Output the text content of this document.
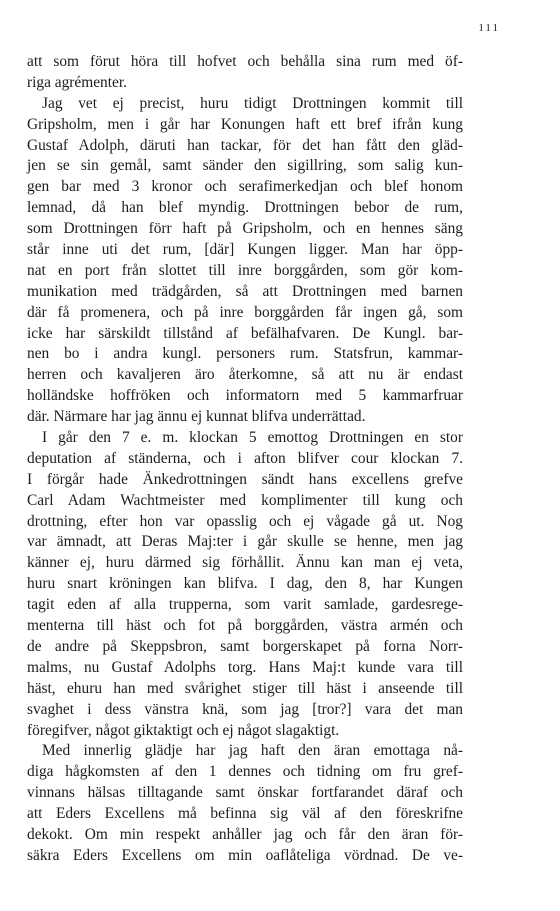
111
att som förut höra till hofvet och behålla sina rum med öf-
riga agrémenter.
Jag vet ej precist, huru tidigt Drottningen kommit till
Gripsholm, men i går har Konungen haft ett bref ifrån kung
Gustaf Adolph, däruti han tackar, för det han fått den gläd-
jen se sin gemål, samt sänder den sigillring, som salig kun-
gen bar med 3 kronor och serafimerkedjan och blef honom
lemnad, då han blef myndig. Drottningen bebor de rum,
som Drottningen förr haft på Gripsholm, och en hennes säng
står inne uti det rum, [där] Kungen ligger. Man har öpp-
nat en port från slottet till inre borggården, som gör kom-
munikation med trädgården, så att Drottningen med barnen
där få promenera, och på inre borggården får ingen gå, som
icke har särskildt tillstånd af befälhafvaren. De Kungl. bar-
nen bo i andra kungl. personers rum. Statsfrun, kammar-
herren och kavaljeren äro återkomne, så att nu är endast
holländske hoffröken och informatorn med 5 kammarfruar
där. Närmare har jag ännu ej kunnat blifva underrättad.
I går den 7 e. m. klockan 5 emottog Drottningen en stor
deputation af ständerna, och i afton blifver cour klockan 7.
I förgår hade Änkedrottningen sändt hans excellens grefve
Carl Adam Wachtmeister med komplimenter till kung och
drottning, efter hon var opasslig och ej vågade gå ut. Nog
var ämnadt, att Deras Maj:ter i går skulle se henne, men jag
känner ej, huru därmed sig förhållit. Ännu kan man ej veta,
huru snart kröningen kan blifva. I dag, den 8, har Kungen
tagit eden af alla trupperna, som varit samlade, gardesrege-
menterna till häst och fot på borggården, västra armén och
de andre på Skeppsbron, samt borgerskapet på forna Norr-
malms, nu Gustaf Adolphs torg. Hans Maj:t kunde vara till
häst, ehuru han med svårighet stiger till häst i anseende till
svaghet i dess vänstra knä, som jag [tror?] vara det man
föregifver, något giktaktigt och ej något slagaktigt.
Med innerlig glädje har jag haft den äran emottaga nå-
diga hågkomsten af den 1 dennes och tidning om fru gref-
vinnans hälsas tilltagande samt önskar fortfarandet däraf och
att Eders Excellens må befinna sig väl af den föreskrifne
dekokt. Om min respekt anhåller jag och får den äran för-
säkra Eders Excellens om min oaflåteliga vördnad. De ve-
